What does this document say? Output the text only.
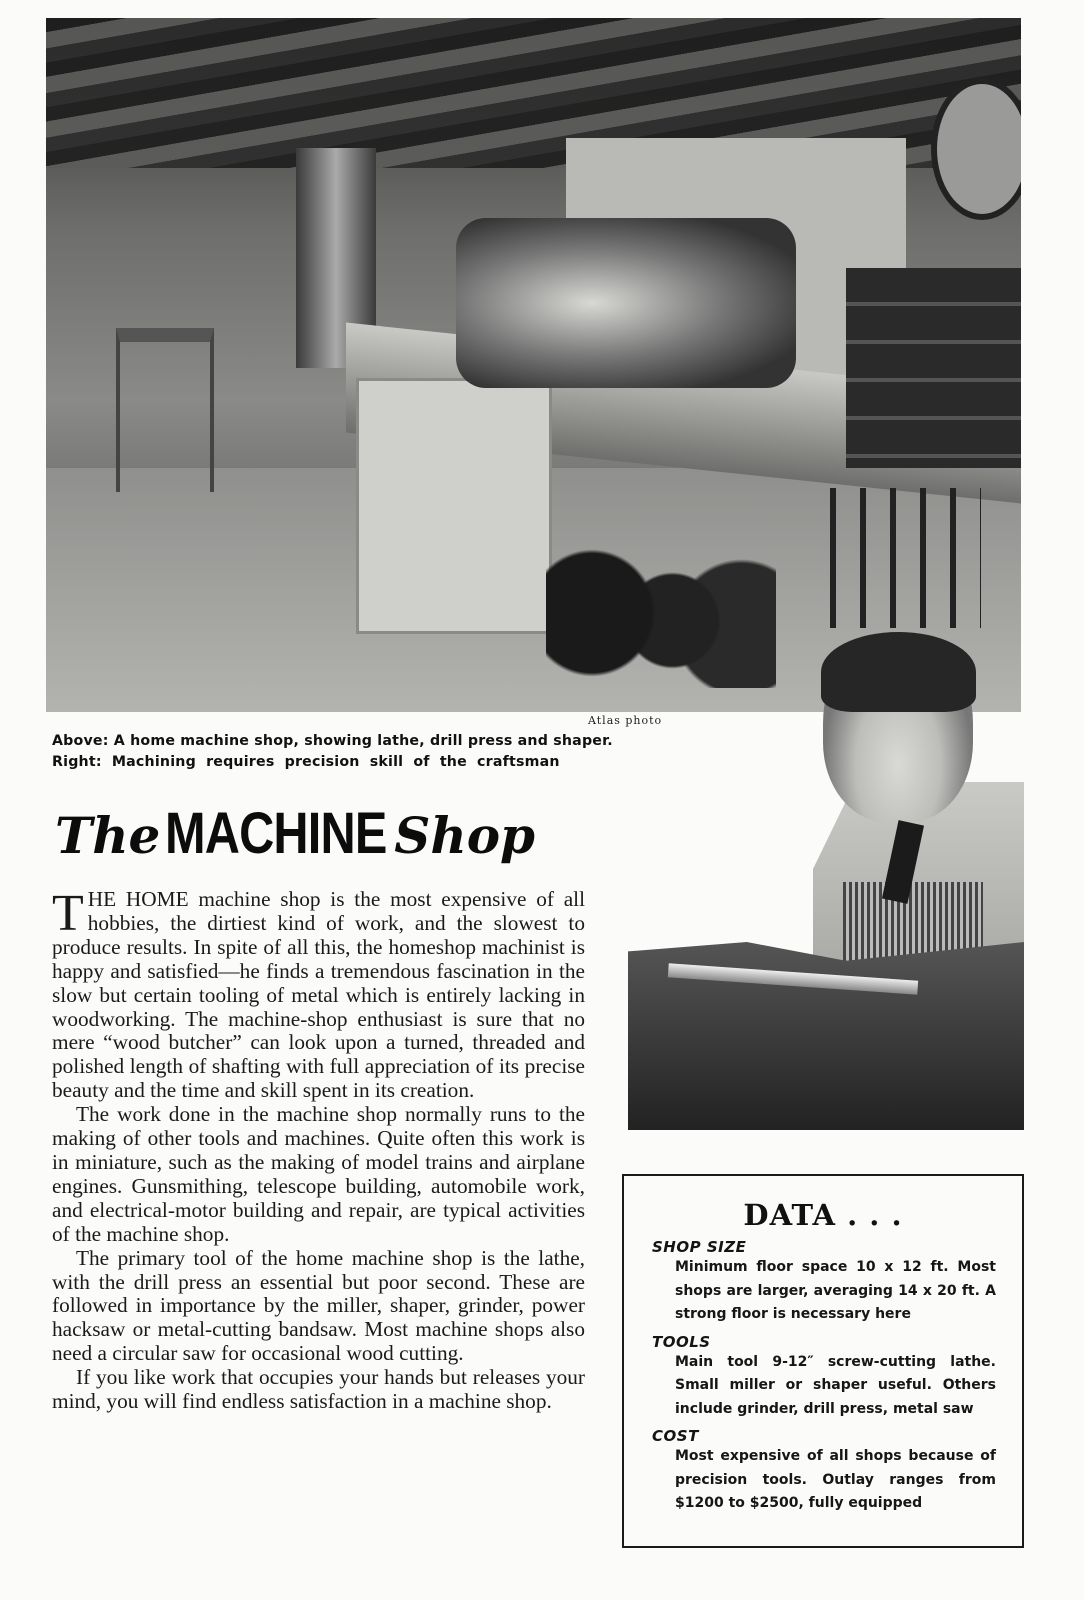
Atlas photo
Above: A home machine shop, showing lathe, drill press and shaper.
Right: Machining requires precision skill of the craftsman
The MACHINE Shop

THE HOME machine shop is the most expensive of all hobbies, the dirtiest kind of work, and the slowest to produce results. In spite of all this, the homeshop machinist is happy and satisfied—he finds a tremendous fascination in the slow but certain tooling of metal which is entirely lacking in woodworking. The machine-shop enthusiast is sure that no mere “wood butcher” can look upon a turned, threaded and polished length of shafting with full appreciation of its precise beauty and the time and skill spent in its creation.

The work done in the machine shop normally runs to the making of other tools and machines. Quite often this work is in miniature, such as the making of model trains and airplane engines. Gunsmithing, telescope building, automobile work, and electrical-motor building and repair, are typical activities of the machine shop.

The primary tool of the home machine shop is the lathe, with the drill press an essential but poor second. These are followed in importance by the miller, shaper, grinder, power hacksaw or metal-cutting bandsaw. Most machine shops also need a circular saw for occasional wood cutting.

If you like work that occupies your hands but releases your mind, you will find endless satisfaction in a machine shop.

DATA . . .
SHOP SIZE
Minimum floor space 10 x 12 ft. Most shops are larger, averaging 14 x 20 ft. A strong floor is necessary here
TOOLS
Main tool 9-12″ screw-cutting lathe. Small miller or shaper useful. Others include grinder, drill press, metal saw
COST
Most expensive of all shops because of precision tools. Outlay ranges from $1200 to $2500, fully equipped
